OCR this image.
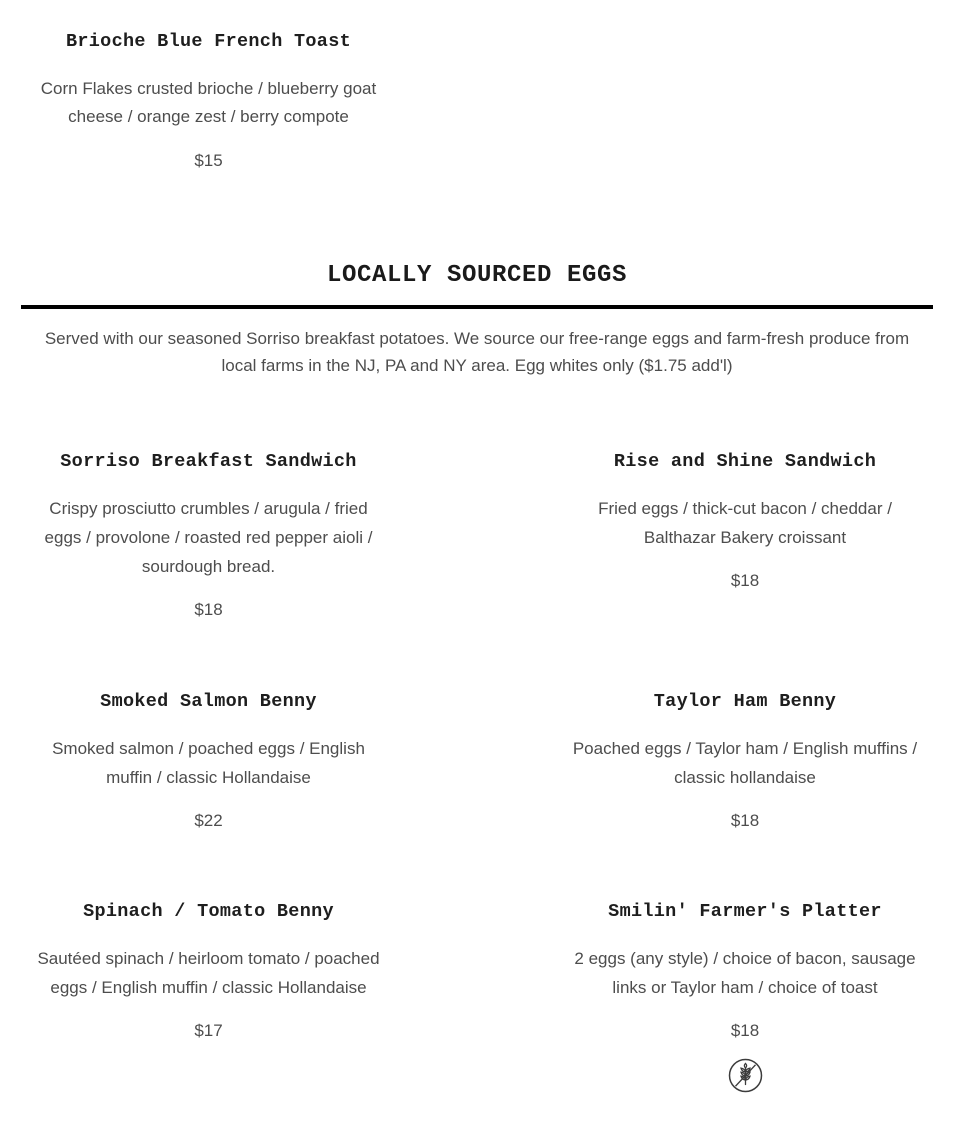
Brioche Blue French Toast
Corn Flakes crusted brioche / blueberry goat
cheese / orange zest / berry compote
$15
LOCALLY SOURCED EGGS
Served with our seasoned Sorriso breakfast potatoes. We source our free-range eggs and farm-fresh produce from
local farms in the NJ, PA and NY area. Egg whites only ($1.75 add'l)
Sorriso Breakfast Sandwich
Crispy prosciutto crumbles / arugula / fried
eggs / provolone / roasted red pepper aioli /
sourdough bread.
$18
Rise and Shine Sandwich
Fried eggs / thick-cut bacon / cheddar /
Balthazar Bakery croissant
$18
Smoked Salmon Benny
Smoked salmon / poached eggs / English
muffin / classic Hollandaise
$22
Taylor Ham Benny
Poached eggs / Taylor ham / English muffins /
classic hollandaise
$18
Spinach / Tomato Benny
Sautéed spinach / heirloom tomato / poached
eggs / English muffin / classic Hollandaise
$17
Smilin' Farmer's Platter
2 eggs (any style) / choice of bacon, sausage
links or Taylor ham / choice of toast
$18
